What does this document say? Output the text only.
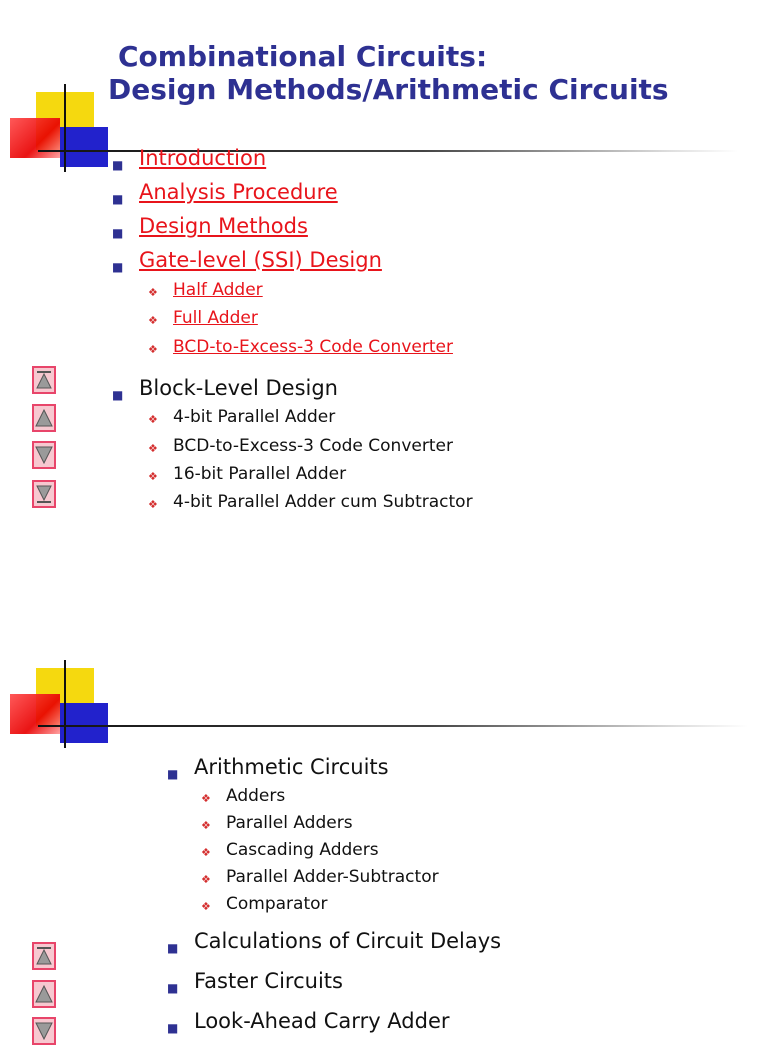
Combinational Circuits:
Design Methods/Arithmetic Circuits
■ Introduction
■ Analysis Procedure
■ Design Methods
■ Gate-level (SSI) Design
❖ Half Adder
❖ Full Adder
❖ BCD-to-Excess-3 Code Converter
■ Block-Level Design
❖ 4-bit Parallel Adder
❖ BCD-to-Excess-3 Code Converter
❖ 16-bit Parallel Adder
❖ 4-bit Parallel Adder cum Subtractor
■ Arithmetic Circuits
❖ Adders
❖ Parallel Adders
❖ Cascading Adders
❖ Parallel Adder-Subtractor
❖ Comparator
■ Calculations of Circuit Delays
■ Faster Circuits
■ Look-Ahead Carry Adder
